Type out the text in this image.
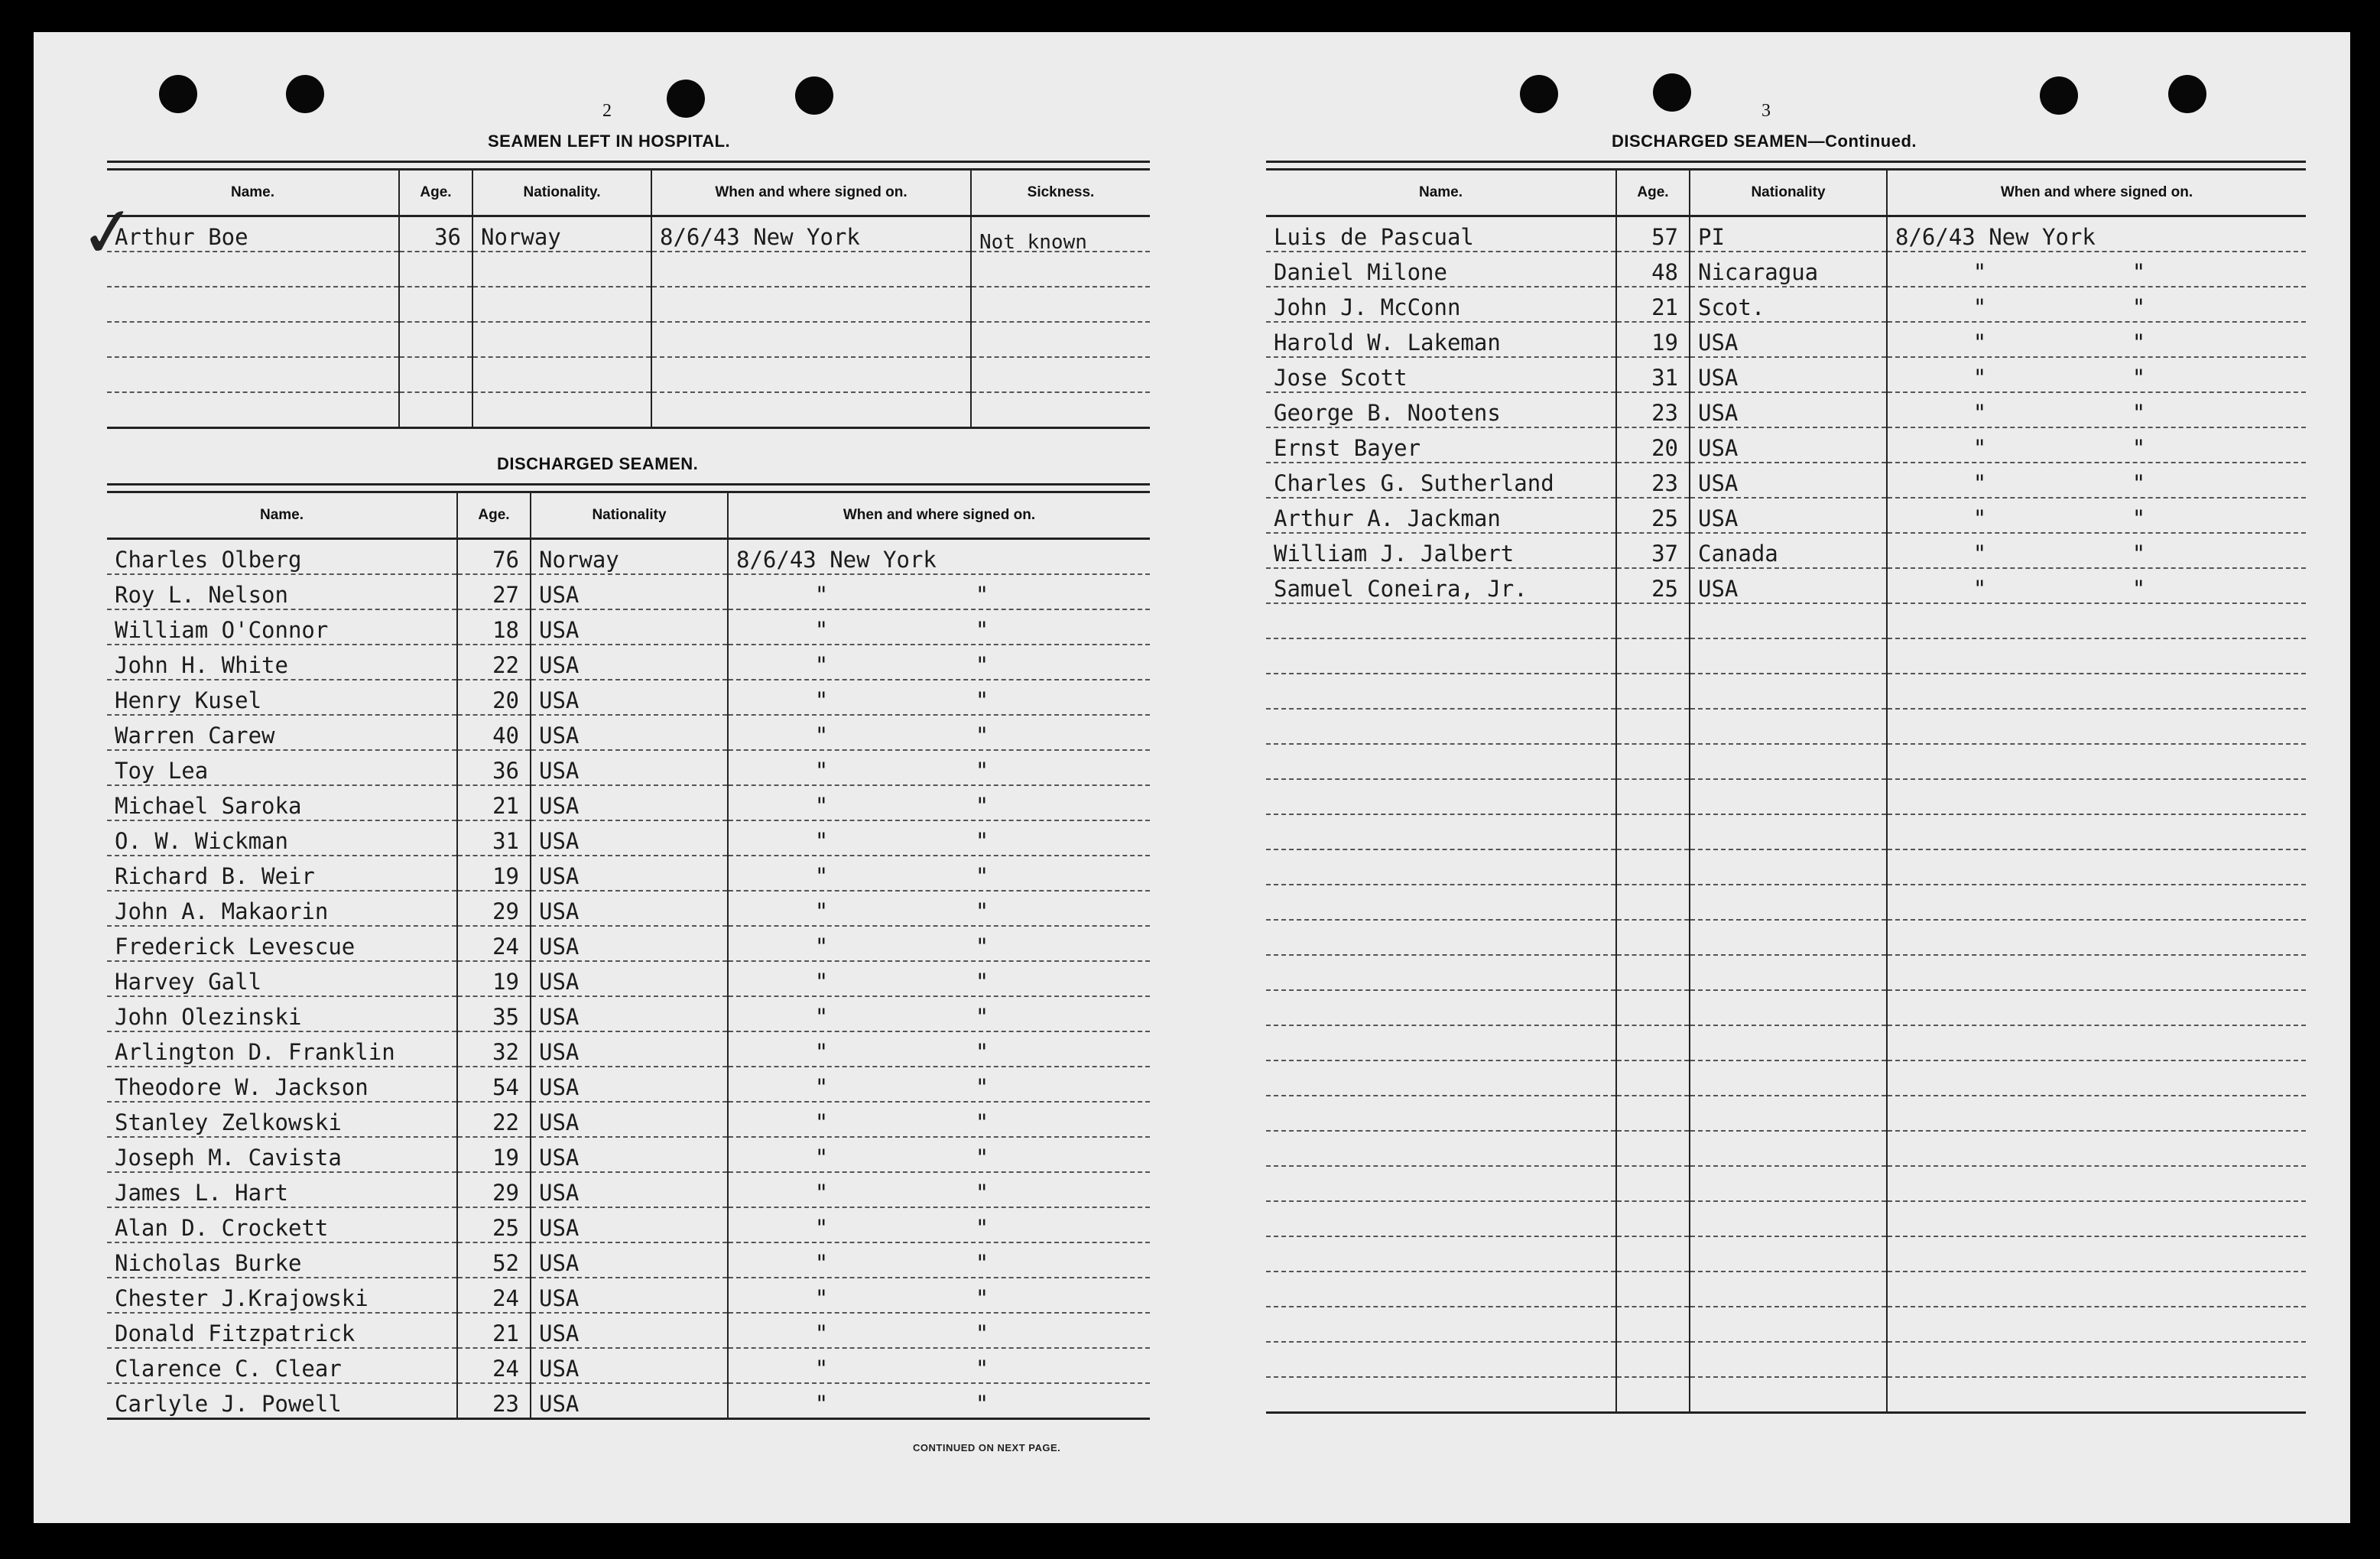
2
SEAMEN LEFT IN HOSPITAL.
Name.	Age.	Nationality.	When and where signed on.	Sickness.
Arthur Boe	36	Norway	8/6/43 New York	Not known

✓
DISCHARGED SEAMEN.
Name.	Age.	Nationality	When and where signed on.
Charles Olberg	76	Norway	8/6/43 New York
Roy L. Nelson	27	USA	" "
William O'Connor	18	USA	" "
John H. White	22	USA	" "
Henry Kusel	20	USA	" "
Warren Carew	40	USA	" "
Toy Lea	36	USA	" "
Michael Saroka	21	USA	" "
O. W. Wickman	31	USA	" "
Richard B. Weir	19	USA	" "
John A. Makaorin	29	USA	" "
Frederick Levescue	24	USA	" "
Harvey Gall	19	USA	" "
John Olezinski	35	USA	" "
Arlington D. Franklin	32	USA	" "
Theodore W. Jackson	54	USA	" "
Stanley Zelkowski	22	USA	" "
Joseph M. Cavista	19	USA	" "
James L. Hart	29	USA	" "
Alan D. Crockett	25	USA	" "
Nicholas Burke	52	USA	" "
Chester J.Krajowski	24	USA	" "
Donald Fitzpatrick	21	USA	" "
Clarence C. Clear	24	USA	" "
Carlyle J. Powell	23	USA	" "
CONTINUED ON NEXT PAGE.
3
DISCHARGED SEAMEN—Continued.
Name.	Age.	Nationality	When and where signed on.
Luis de Pascual	57	PI	8/6/43 New York
Daniel Milone	48	Nicaragua	" "
John J. McConn	21	Scot.	" "
Harold W. Lakeman	19	USA	" "
Jose Scott	31	USA	" "
George B. Nootens	23	USA	" "
Ernst Bayer	20	USA	" "
Charles G. Sutherland	23	USA	" "
Arthur A. Jackman	25	USA	" "
William J. Jalbert	37	Canada	" "
Samuel Coneira, Jr.	25	USA	" "
